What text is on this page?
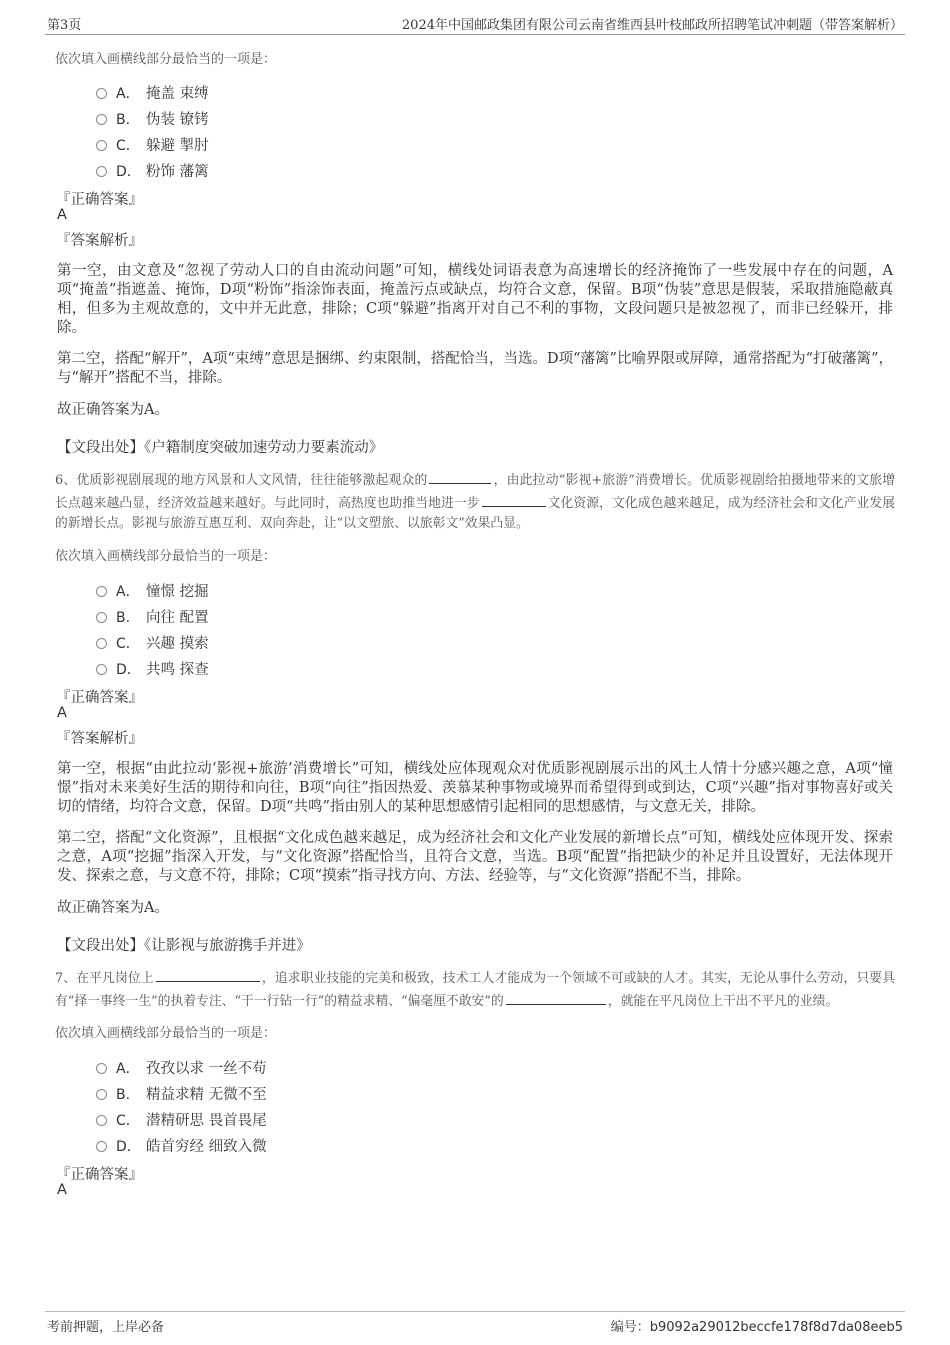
第3页	2024年中国邮政集团有限公司云南省维西县叶枝邮政所招聘笔试冲刺题（带答案解析）
依次填入画横线部分最恰当的一项是：
A． 掩盖 束缚
B. 伪装 镣铐
C． 躲避 掣肘
D． 粉饰 藩篱
『正确答案』
A
『答案解析』
第一空，由文意及“忽视了劳动人口的自由流动问题”可知，横线处词语表意为高速增长的经济掩饰了一些发展中存在的问题，A项“掩盖”指遮盖、掩饰，D项“粉饰”指涂饰表面，掩盖污点或缺点，均符合文意，保留。B项“伪装”意思是假装，采取措施隐蔽真相，但多为主观故意的，文中并无此意，排除；C项“躲避”指离开对自己不利的事物，文段问题只是被忽视了，而非已经躲开，排除。
第二空，搭配“解开”，A项“束缚”意思是捆绑、约束限制，搭配恰当，当选。D项“藩篱”比喻界限或屏障，通常搭配为“打破藩篱”，与“解开”搭配不当，排除。
故正确答案为A。
【文段出处】《户籍制度突破加速劳动力要素流动》
6、优质影视剧展现的地方风景和人文风情，往往能够激起观众的	，由此拉动“影视+旅游”消费增长。优质影视剧给拍摄地带来的文旅增长点越来越凸显，经济效益越来越好。与此同时，高热度也助推当地进一步	文化资源，文化成色越来越足，成为经济社会和文化产业发展的新增长点。影视与旅游互惠互利、双向奔赴，让“以文塑旅、以旅彰文”效果凸显。
依次填入画横线部分最恰当的一项是：
A． 憧憬 挖掘
B. 向往 配置
C． 兴趣 摸索
D． 共鸣 探查
『正确答案』
A
『答案解析』
第一空，根据“由此拉动‘影视+旅游’消费增长”可知，横线处应体现观众对优质影视剧展示出的风土人情十分感兴趣之意，A项“憧憬”指对未来美好生活的期待和向往，B项“向往”指因热爱、羡慕某种事物或境界而希望得到或到达，C项“兴趣”指对事物喜好或关切的情绪，均符合文意，保留。D项“共鸣”指由别人的某种思想感情引起相同的思想感情，与文意无关，排除。
第二空，搭配“文化资源”，且根据“文化成色越来越足，成为经济社会和文化产业发展的新增长点”可知，横线处应体现开发、探索之意，A项“挖掘”指深入开发，与“文化资源”搭配恰当，且符合文意，当选。B项“配置”指把缺少的补足并且设置好，无法体现开发、探索之意，与文意不符，排除；C项“摸索”指寻找方向、方法、经验等，与“文化资源”搭配不当，排除。
故正确答案为A。
【文段出处】《让影视与旅游携手并进》
7、在平凡岗位上	，追求职业技能的完美和极致，技术工人才能成为一个领域不可或缺的人才。其实，无论从事什么劳动，只要具有“择一事终一生”的执着专注、“干一行钻一行”的精益求精、“偏毫厘不敢安”的	，就能在平凡岗位上干出不平凡的业绩。
依次填入画横线部分最恰当的一项是：
A． 孜孜以求 一丝不苟
B. 精益求精 无微不至
C． 潜精研思 畏首畏尾
D． 皓首穷经 细致入微
『正确答案』
A
考前押题，上岸必备	编号：b9092a29012beccfe178f8d7da08eeb5
